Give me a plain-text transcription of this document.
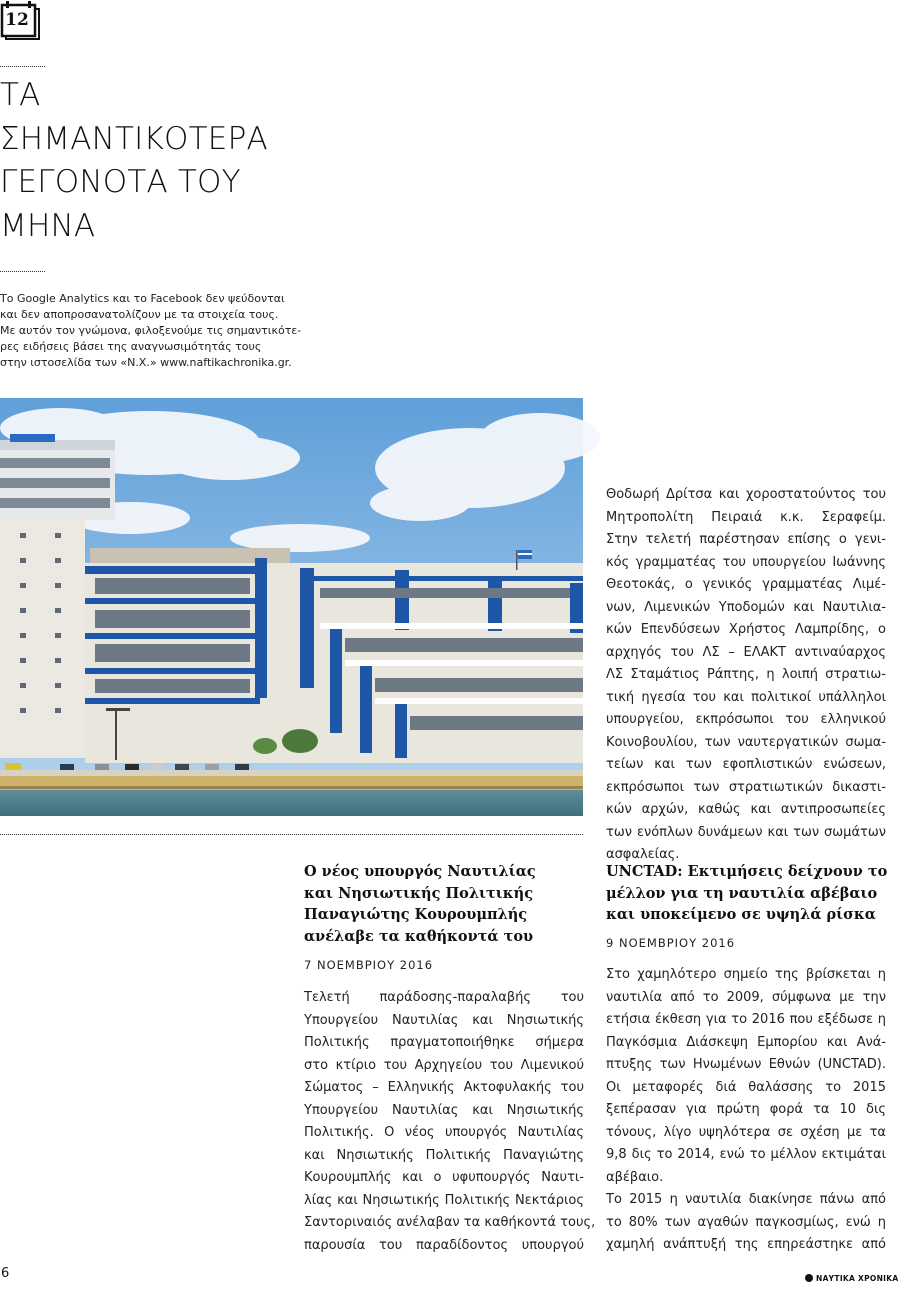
12
ΤΑ
ΣΗΜΑΝΤΙΚΟΤΕΡΑ
ΓΕΓΟΝΟΤΑ ΤΟΥ
ΜΗΝΑ
Το Google Analytics και το Facebook δεν ψεύδονται
και δεν αποπροσανατολίζουν με τα στοιχεία τους.
Με αυτόν τον γνώμονα, φιλοξενούμε τις σημαντικότε-
ρες ειδήσεις βάσει της αναγνωσιμότητάς τους
στην ιστοσελίδα των «Ν.Χ.» www.naftikachronika.gr.
Θοδωρή Δρίτσα και χοροστατούντος του
Μητροπολίτη Πειραιά κ.κ. Σεραφείμ.
Στην τελετή παρέστησαν επίσης ο γενι-
κός γραμματέας του υπουργείου Ιωάννης
Θεοτοκάς, ο γενικός γραμματέας Λιμέ-
νων, Λιμενικών Υποδομών και Ναυτιλια-
κών Επενδύσεων Χρήστος Λαμπρίδης, ο
αρχηγός του ΛΣ – ΕΛΑΚΤ αντιναύαρχος
ΛΣ Σταμάτιος Ράπτης, η λοιπή στρατιω-
τική ηγεσία του και πολιτικοί υπάλληλοι
υπουργείου, εκπρόσωποι του ελληνικού
Κοινοβουλίου, των ναυτεργατικών σωμα-
τείων και των εφοπλιστικών ενώσεων,
εκπρόσωποι των στρατιωτικών δικαστι-
κών αρχών, καθώς και αντιπροσωπείες
των ενόπλων δυνάμεων και των σωμάτων
ασφαλείας.
Ο νέος υπουργός Ναυτιλίας
και Νησιωτικής Πολιτικής
Παναγιώτης Κουρουμπλής
ανέλαβε τα καθήκοντά του
7 ΝΟΕΜΒΡΙΟΥ 2016
Τελετή παράδοσης-παραλαβής του
Υπουργείου Ναυτιλίας και Νησιωτικής
Πολιτικής πραγματοποιήθηκε σήμερα
στο κτίριο του Αρχηγείου του Λιμενικού
Σώματος – Ελληνικής Ακτοφυλακής του
Υπουργείου Ναυτιλίας και Νησιωτικής
Πολιτικής. Ο νέος υπουργός Ναυτιλίας
και Νησιωτικής Πολιτικής Παναγιώτης
Κουρουμπλής και ο υφυπουργός Ναυτι-
λίας και Νησιωτικής Πολιτικής Νεκτάριος
Σαντοριναιός ανέλαβαν τα καθήκοντά τους,
παρουσία του παραδίδοντος υπουργού
UNCTAD: Εκτιμήσεις δείχνουν το
μέλλον για τη ναυτιλία αβέβαιο
και υποκείμενο σε υψηλά ρίσκα
9 ΝΟΕΜΒΡΙΟΥ 2016
Στο χαμηλότερο σημείο της βρίσκεται η
ναυτιλία από το 2009, σύμφωνα με την
ετήσια έκθεση για το 2016 που εξέδωσε η
Παγκόσμια Διάσκεψη Εμπορίου και Ανά-
πτυξης των Ηνωμένων Εθνών (UNCTAD).
Οι μεταφορές διά θαλάσσης το 2015
ξεπέρασαν για πρώτη φορά τα 10 δις
τόνους, λίγο υψηλότερα σε σχέση με τα
9,8 δις το 2014, ενώ το μέλλον εκτιμάται
αβέβαιο.
Το 2015 η ναυτιλία διακίνησε πάνω από
το 80% των αγαθών παγκοσμίως, ενώ η
χαμηλή ανάπτυξή της επηρεάστηκε από
6	ΝΑΥΤΙΚΑ ΧΡΟΝΙΚΑ
